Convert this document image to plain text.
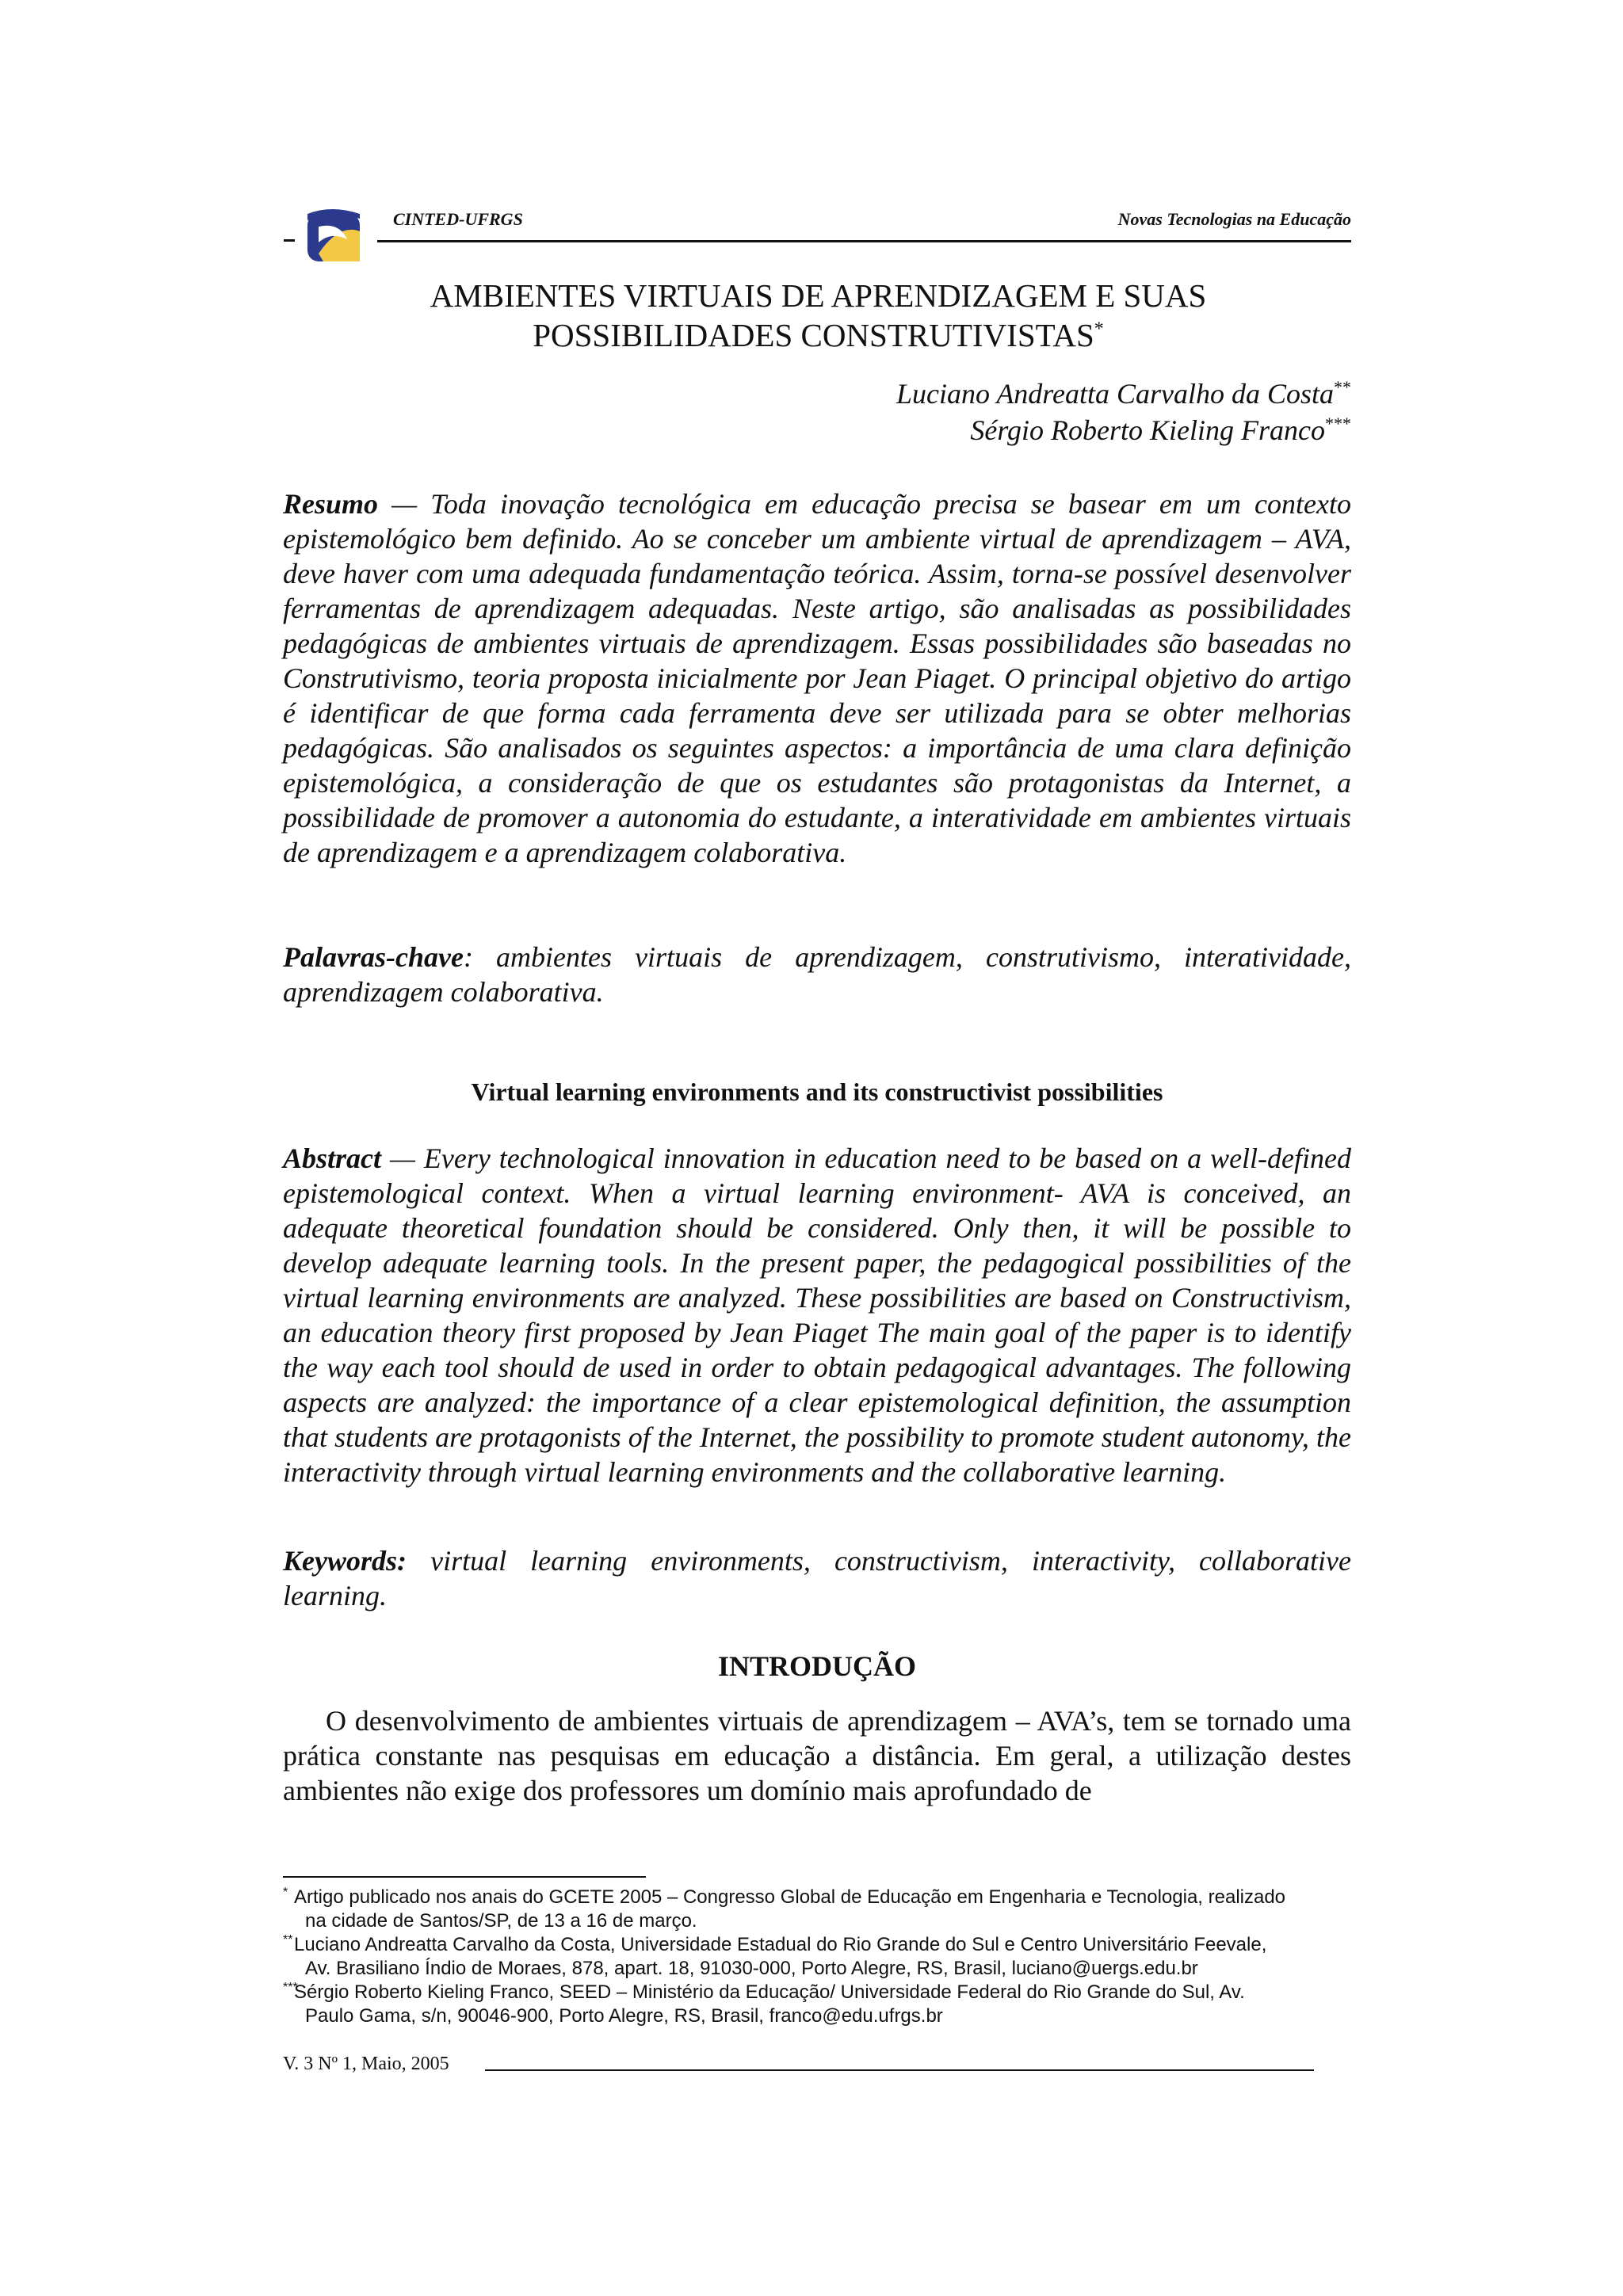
CINTED-UFRGS	Novas Tecnologias na Educação
AMBIENTES VIRTUAIS DE APRENDIZAGEM E SUAS
POSSIBILIDADES CONSTRUTIVISTAS*
Luciano Andreatta Carvalho da Costa**
Sérgio Roberto Kieling Franco***
Resumo — Toda inovação tecnológica em educação precisa se basear em um contexto epistemológico bem definido. Ao se conceber um ambiente virtual de aprendizagem – AVA, deve haver com uma adequada fundamentação teórica. Assim, torna-se possível desenvolver ferramentas de aprendizagem adequadas. Neste artigo, são analisadas as possibilidades pedagógicas de ambientes virtuais de aprendizagem. Essas possibilidades são baseadas no Construtivismo, teoria proposta inicialmente por Jean Piaget. O principal objetivo do artigo é identificar de que forma cada ferramenta deve ser utilizada para se obter melhorias pedagógicas. São analisados os seguintes aspectos: a importância de uma clara definição epistemológica, a consideração de que os estudantes são protagonistas da Internet, a possibilidade de promover a autonomia do estudante, a interatividade em ambientes virtuais de aprendizagem e a aprendizagem colaborativa.
Palavras-chave: ambientes virtuais de aprendizagem, construtivismo, interatividade, aprendizagem colaborativa.
Virtual learning environments and its constructivist possibilities
Abstract — Every technological innovation in education need to be based on a well-defined epistemological context. When a virtual learning environment- AVA is conceived, an adequate theoretical foundation should be considered. Only then, it will be possible to develop adequate learning tools. In the present paper, the pedagogical possibilities of the virtual learning environments are analyzed. These possibilities are based on Constructivism, an education theory first proposed by Jean Piaget The main goal of the paper is to identify the way each tool should de used in order to obtain pedagogical advantages. The following aspects are analyzed: the importance of a clear epistemological definition, the assumption that students are protagonists of the Internet, the possibility to promote student autonomy, the interactivity through virtual learning environments and the collaborative learning.
Keywords: virtual learning environments, constructivism, interactivity, collaborative learning.
INTRODUÇÃO
O desenvolvimento de ambientes virtuais de aprendizagem – AVA’s, tem se tornado uma prática constante nas pesquisas em educação a distância. Em geral, a utilização destes ambientes não exige dos professores um domínio mais aprofundado de
* Artigo publicado nos anais do GCETE 2005 – Congresso Global de Educação em Engenharia e Tecnologia, realizado
na cidade de Santos/SP, de 13 a 16 de março.
** Luciano Andreatta Carvalho da Costa, Universidade Estadual do Rio Grande do Sul e Centro Universitário Feevale,
Av. Brasiliano Índio de Moraes, 878, apart. 18, 91030-000, Porto Alegre, RS, Brasil, luciano@uergs.edu.br
***
Sérgio Roberto Kieling Franco, SEED – Ministério da Educação/ Universidade Federal do Rio Grande do Sul, Av.
Paulo Gama, s/n, 90046-900, Porto Alegre, RS, Brasil, franco@edu.ufrgs.br
V. 3 Nº 1, Maio, 2005
